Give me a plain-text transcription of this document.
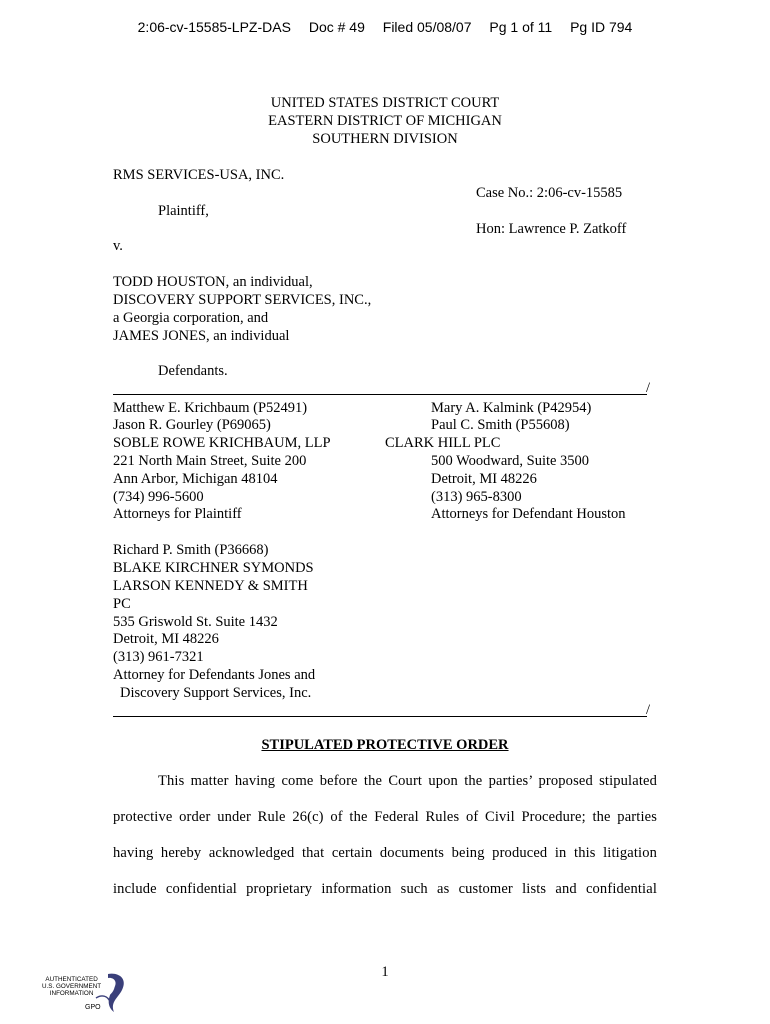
2:06-cv-15585-LPZ-DAS Doc # 49 Filed 05/08/07 Pg 1 of 11 Pg ID 794
UNITED STATES DISTRICT COURT
EASTERN DISTRICT OF MICHIGAN
SOUTHERN DIVISION
RMS SERVICES-USA, INC.
Case No.: 2:06-cv-15585
Plaintiff,
Hon: Lawrence P. Zatkoff
v.
TODD HOUSTON, an individual,
DISCOVERY SUPPORT SERVICES, INC.,
a Georgia corporation, and
JAMES JONES, an individual
Defendants.
/
Matthew E. Krichbaum (P52491)
Jason R. Gourley (P69065)
SOBLE ROWE KRICHBAUM, LLP
221 North Main Street, Suite 200
Ann Arbor, Michigan 48104
(734) 996-5600
Attorneys for Plaintiff
Mary A. Kalmink (P42954)
Paul C. Smith (P55608)
CLARK HILL PLC
500 Woodward, Suite 3500
Detroit, MI 48226
(313) 965-8300
Attorneys for Defendant Houston
Richard P. Smith (P36668)
BLAKE KIRCHNER SYMONDS
LARSON KENNEDY & SMITH
PC
535 Griswold St. Suite 1432
Detroit, MI 48226
(313) 961-7321
Attorney for Defendants Jones and
Discovery Support Services, Inc.
/
STIPULATED PROTECTIVE ORDER
This matter having come before the Court upon the parties’ proposed stipulated
protective order under Rule 26(c) of the Federal Rules of Civil Procedure; the parties
having hereby acknowledged that certain documents being produced in this litigation
include confidential proprietary information such as customer lists and confidential
1
AUTHENTICATED
U.S. GOVERNMENT
INFORMATION
GPO
